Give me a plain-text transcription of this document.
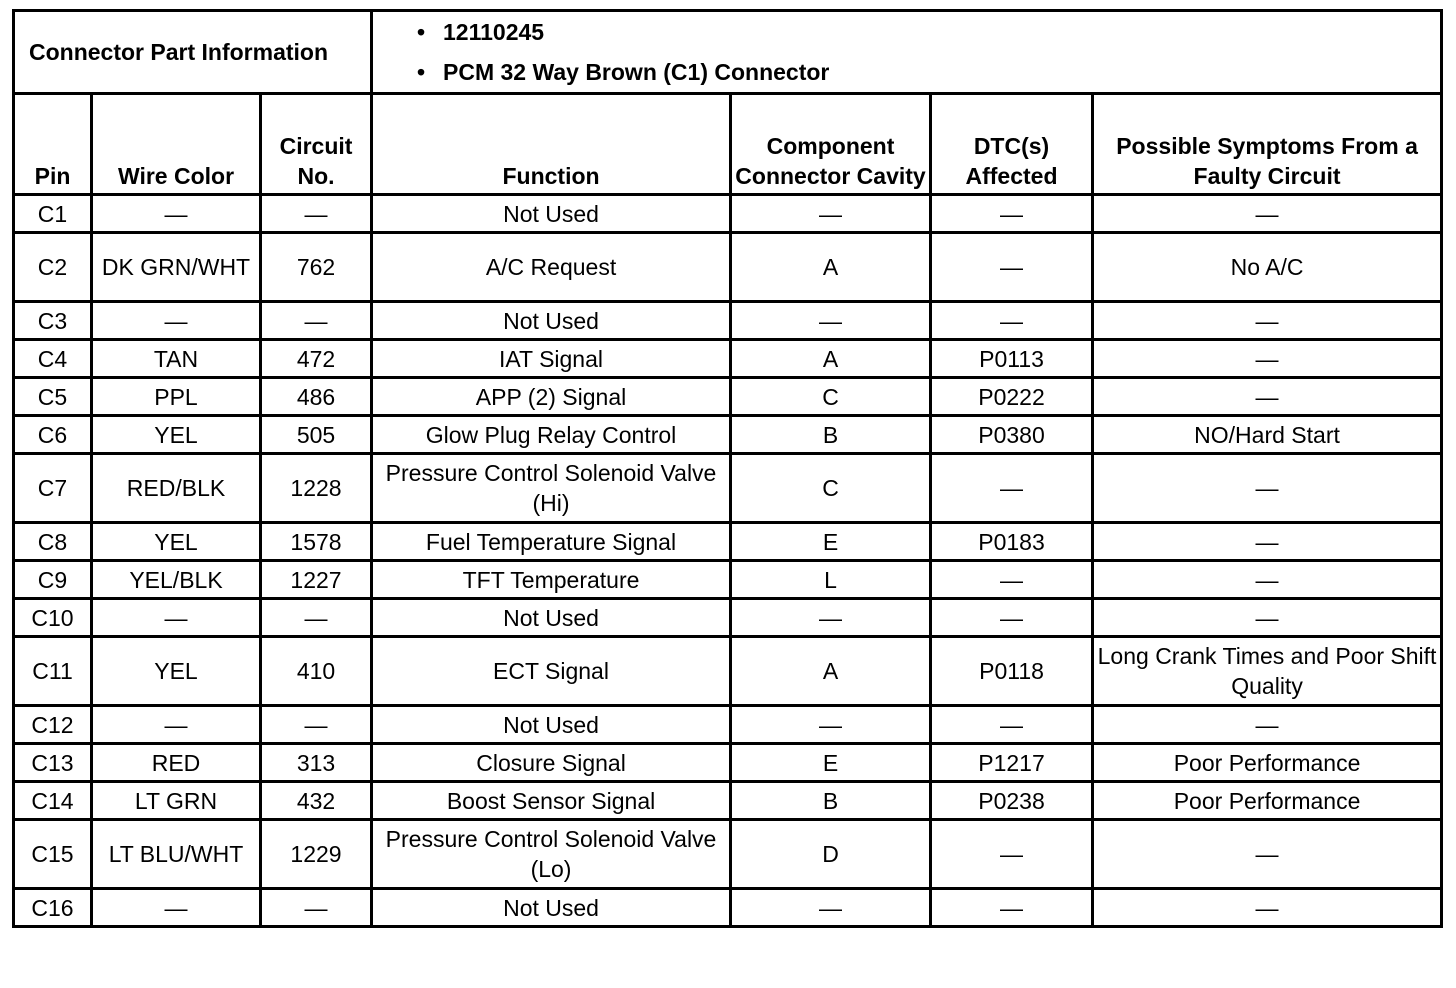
Connector Part Information			• 12110245
• PCM 32 Way Brown (C1) Connector			

Pin	Wire Color	Circuit No.	Function	Component Connector Cavity	DTC(s) Affected	Possible Symptoms From a Faulty Circuit
C1	—	—	Not Used	—	—	—
C2	DK GRN/WHT	762	A/C Request	A	—	No A/C
C3	—	—	Not Used	—	—	—
C4	TAN	472	IAT Signal	A	P0113	—
C5	PPL	486	APP (2) Signal	C	P0222	—
C6	YEL	505	Glow Plug Relay Control	B	P0380	NO/Hard Start
C7	RED/BLK	1228	Pressure Control Solenoid Valve (Hi)	C	—	—
C8	YEL	1578	Fuel Temperature Signal	E	P0183	—
C9	YEL/BLK	1227	TFT Temperature	L	—	—
C10	—	—	Not Used	—	—	—
C11	YEL	410	ECT Signal	A	P0118	Long Crank Times and Poor Shift Quality
C12	—	—	Not Used	—	—	—
C13	RED	313	Closure Signal	E	P1217	Poor Performance
C14	LT GRN	432	Boost Sensor Signal	B	P0238	Poor Performance
C15	LT BLU/WHT	1229	Pressure Control Solenoid Valve (Lo)	D	—	—
C16	—	—	Not Used	—	—	—
